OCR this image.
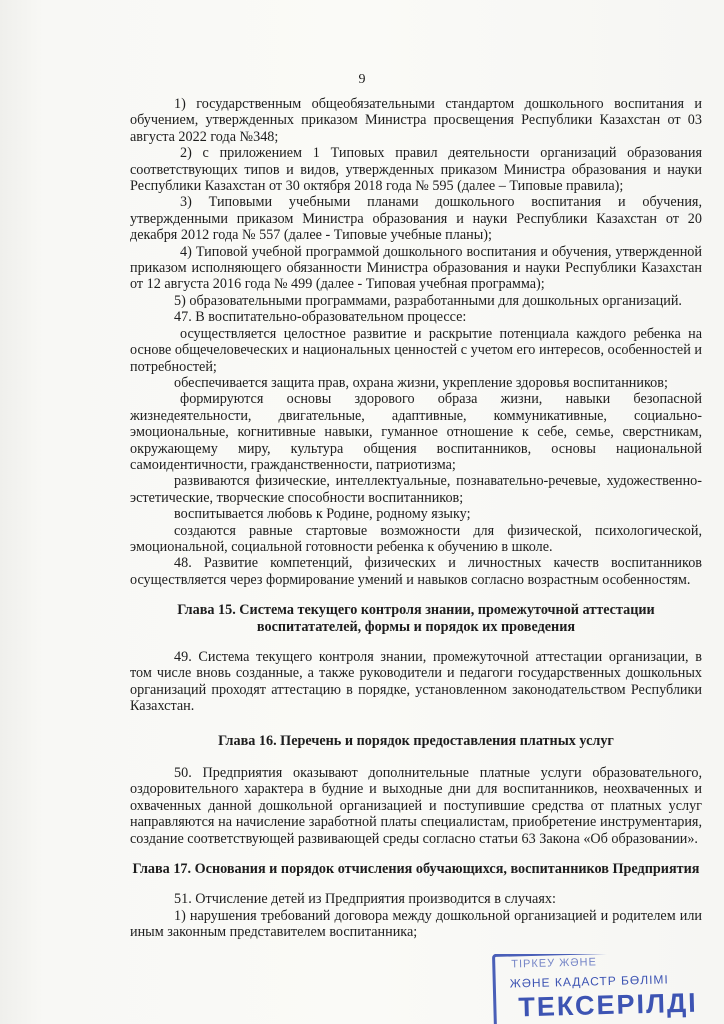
9

1) государственным общеобязательными стандартом дошкольного воспитания и обучением, утвержденных приказом Министра просвещения Республики Казахстан от 03 августа 2022 года №348;

2) с приложением 1 Типовых правил деятельности организаций образования соответствующих типов и видов, утвержденных приказом Министра образования и науки Республики Казахстан от 30 октября 2018 года № 595 (далее – Типовые правила);

3) Типовыми учебными планами дошкольного воспитания и обучения, утвержденными приказом Министра образования и науки Республики Казахстан от 20 декабря 2012 года № 557 (далее - Типовые учебные планы);

4) Типовой учебной программой дошкольного воспитания и обучения, утвержденной приказом исполняющего обязанности Министра образования и науки Республики Казахстан от 12 августа 2016 года № 499 (далее - Типовая учебная программа);

5) образовательными программами, разработанными для дошкольных организаций.

47. В воспитательно-образовательном процессе:

осуществляется целостное развитие и раскрытие потенциала каждого ребенка на основе общечеловеческих и национальных ценностей с учетом его интересов, особенностей и потребностей;

обеспечивается защита прав, охрана жизни, укрепление здоровья воспитанников;

формируются основы здорового образа жизни, навыки безопасной жизнедеятельности, двигательные, адаптивные, коммуникативные, социально-эмоциональные, когнитивные навыки, гуманное отношение к себе, семье, сверстникам, окружающему миру, культура общения воспитанников, основы национальной самоидентичности, гражданственности, патриотизма;

развиваются физические, интеллектуальные, познавательно-речевые, художественно-эстетические, творческие способности воспитанников;

воспитывается любовь к Родине, родному языку;

создаются равные стартовые возможности для физической, психологической, эмоциональной, социальной готовности ребенка к обучению в школе.

48. Развитие компетенций, физических и личностных качеств воспитанников осуществляется через формирование умений и навыков согласно возрастным особенностям.

Глава 15. Система текущего контроля знании, промежуточной аттестации воспитатателей, формы и порядок их проведения

49. Система текущего контроля знании, промежуточной аттестации организации, в том числе вновь созданные, а также руководители и педагоги государственных дошкольных организаций проходят аттестацию в порядке, установленном законодательством Республики Казахстан.

Глава 16. Перечень и порядок предоставления платных услуг

50. Предприятия оказывают дополнительные платные услуги образовательного, оздоровительного характера в будние и выходные дни для воспитанников, неохваченных и охваченных данной дошкольной организацией и поступившие средства от платных услуг направляются на начисление заработной платы специалистам, приобретение инструментария, создание соответствующей развивающей среды согласно статьи 63 Закона «Об образовании».

Глава 17. Основания и порядок отчисления обучающихся, воспитанников Предприятия

51. Отчисление детей из Предприятия производится в случаях:

1) нарушения требований договора между дошкольной организацией и родителем или иным законным представителем воспитанника;

ТІРКЕУ ЖӘНЕ
ЖӘНЕ КАДАСТР БӨЛІМІ
ТЕКСЕРІЛДІ
